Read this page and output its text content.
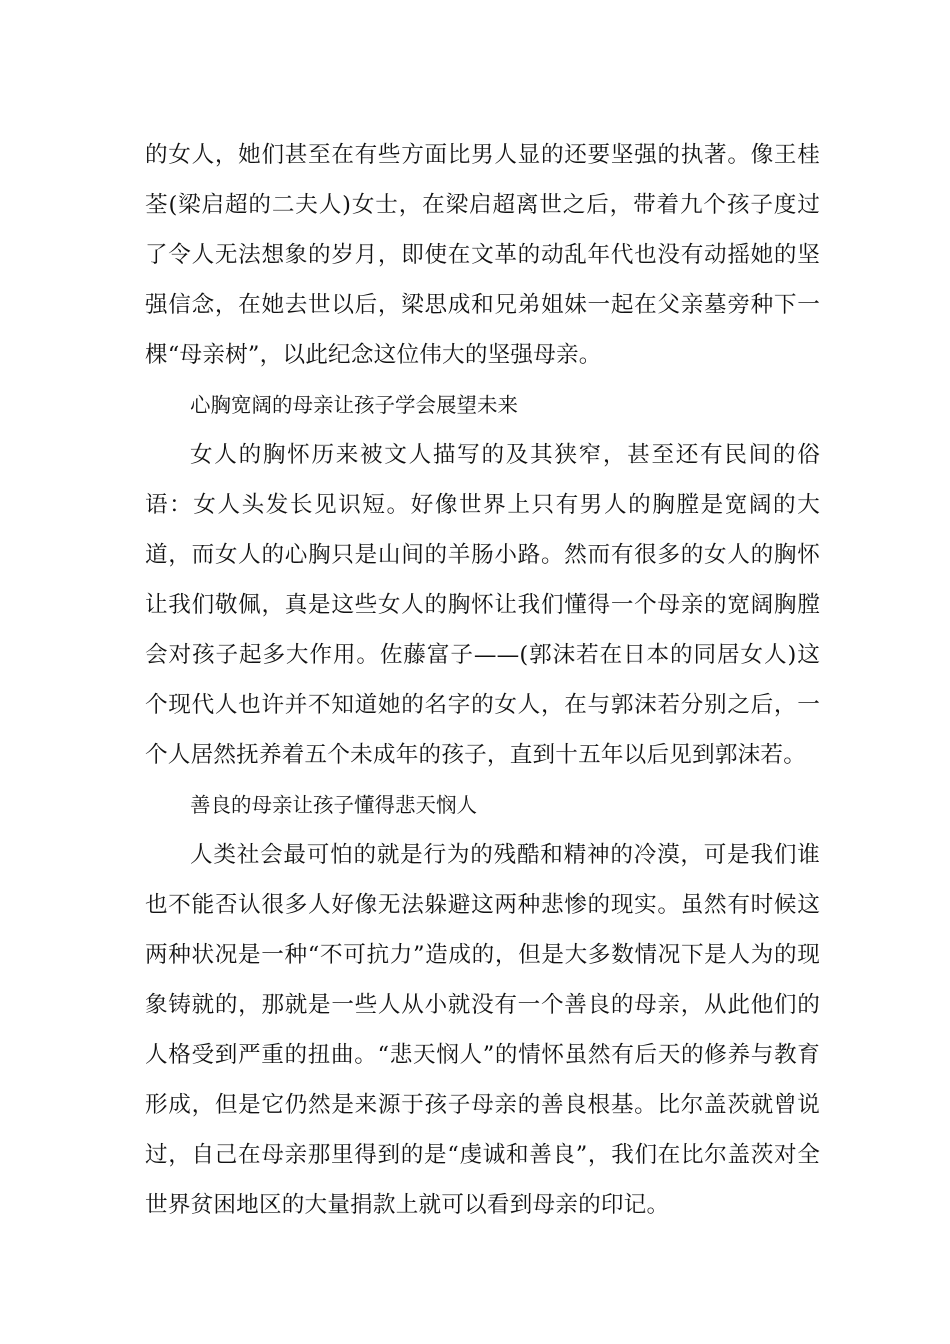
的女人，她们甚至在有些方面比男人显的还要坚强的执著。像王桂荃(梁启超的二夫人)女士，在梁启超离世之后，带着九个孩子度过了令人无法想象的岁月，即使在文革的动乱年代也没有动摇她的坚强信念，在她去世以后，梁思成和兄弟姐妹一起在父亲墓旁种下一棵“母亲树”，以此纪念这位伟大的坚强母亲。

心胸宽阔的母亲让孩子学会展望未来

女人的胸怀历来被文人描写的及其狭窄，甚至还有民间的俗语：女人头发长见识短。好像世界上只有男人的胸膛是宽阔的大道，而女人的心胸只是山间的羊肠小路。然而有很多的女人的胸怀让我们敬佩，真是这些女人的胸怀让我们懂得一个母亲的宽阔胸膛会对孩子起多大作用。佐藤富子——(郭沫若在日本的同居女人)这个现代人也许并不知道她的名字的女人，在与郭沫若分别之后，一个人居然抚养着五个未成年的孩子，直到十五年以后见到郭沫若。

善良的母亲让孩子懂得悲天悯人

人类社会最可怕的就是行为的残酷和精神的冷漠，可是我们谁也不能否认很多人好像无法躲避这两种悲惨的现实。虽然有时候这两种状况是一种“不可抗力”造成的，但是大多数情况下是人为的现象铸就的，那就是一些人从小就没有一个善良的母亲，从此他们的人格受到严重的扭曲。“悲天悯人”的情怀虽然有后天的修养与教育形成，但是它仍然是来源于孩子母亲的善良根基。比尔盖茨就曾说过，自己在母亲那里得到的是“虔诚和善良”，我们在比尔盖茨对全世界贫困地区的大量捐款上就可以看到母亲的印记。
